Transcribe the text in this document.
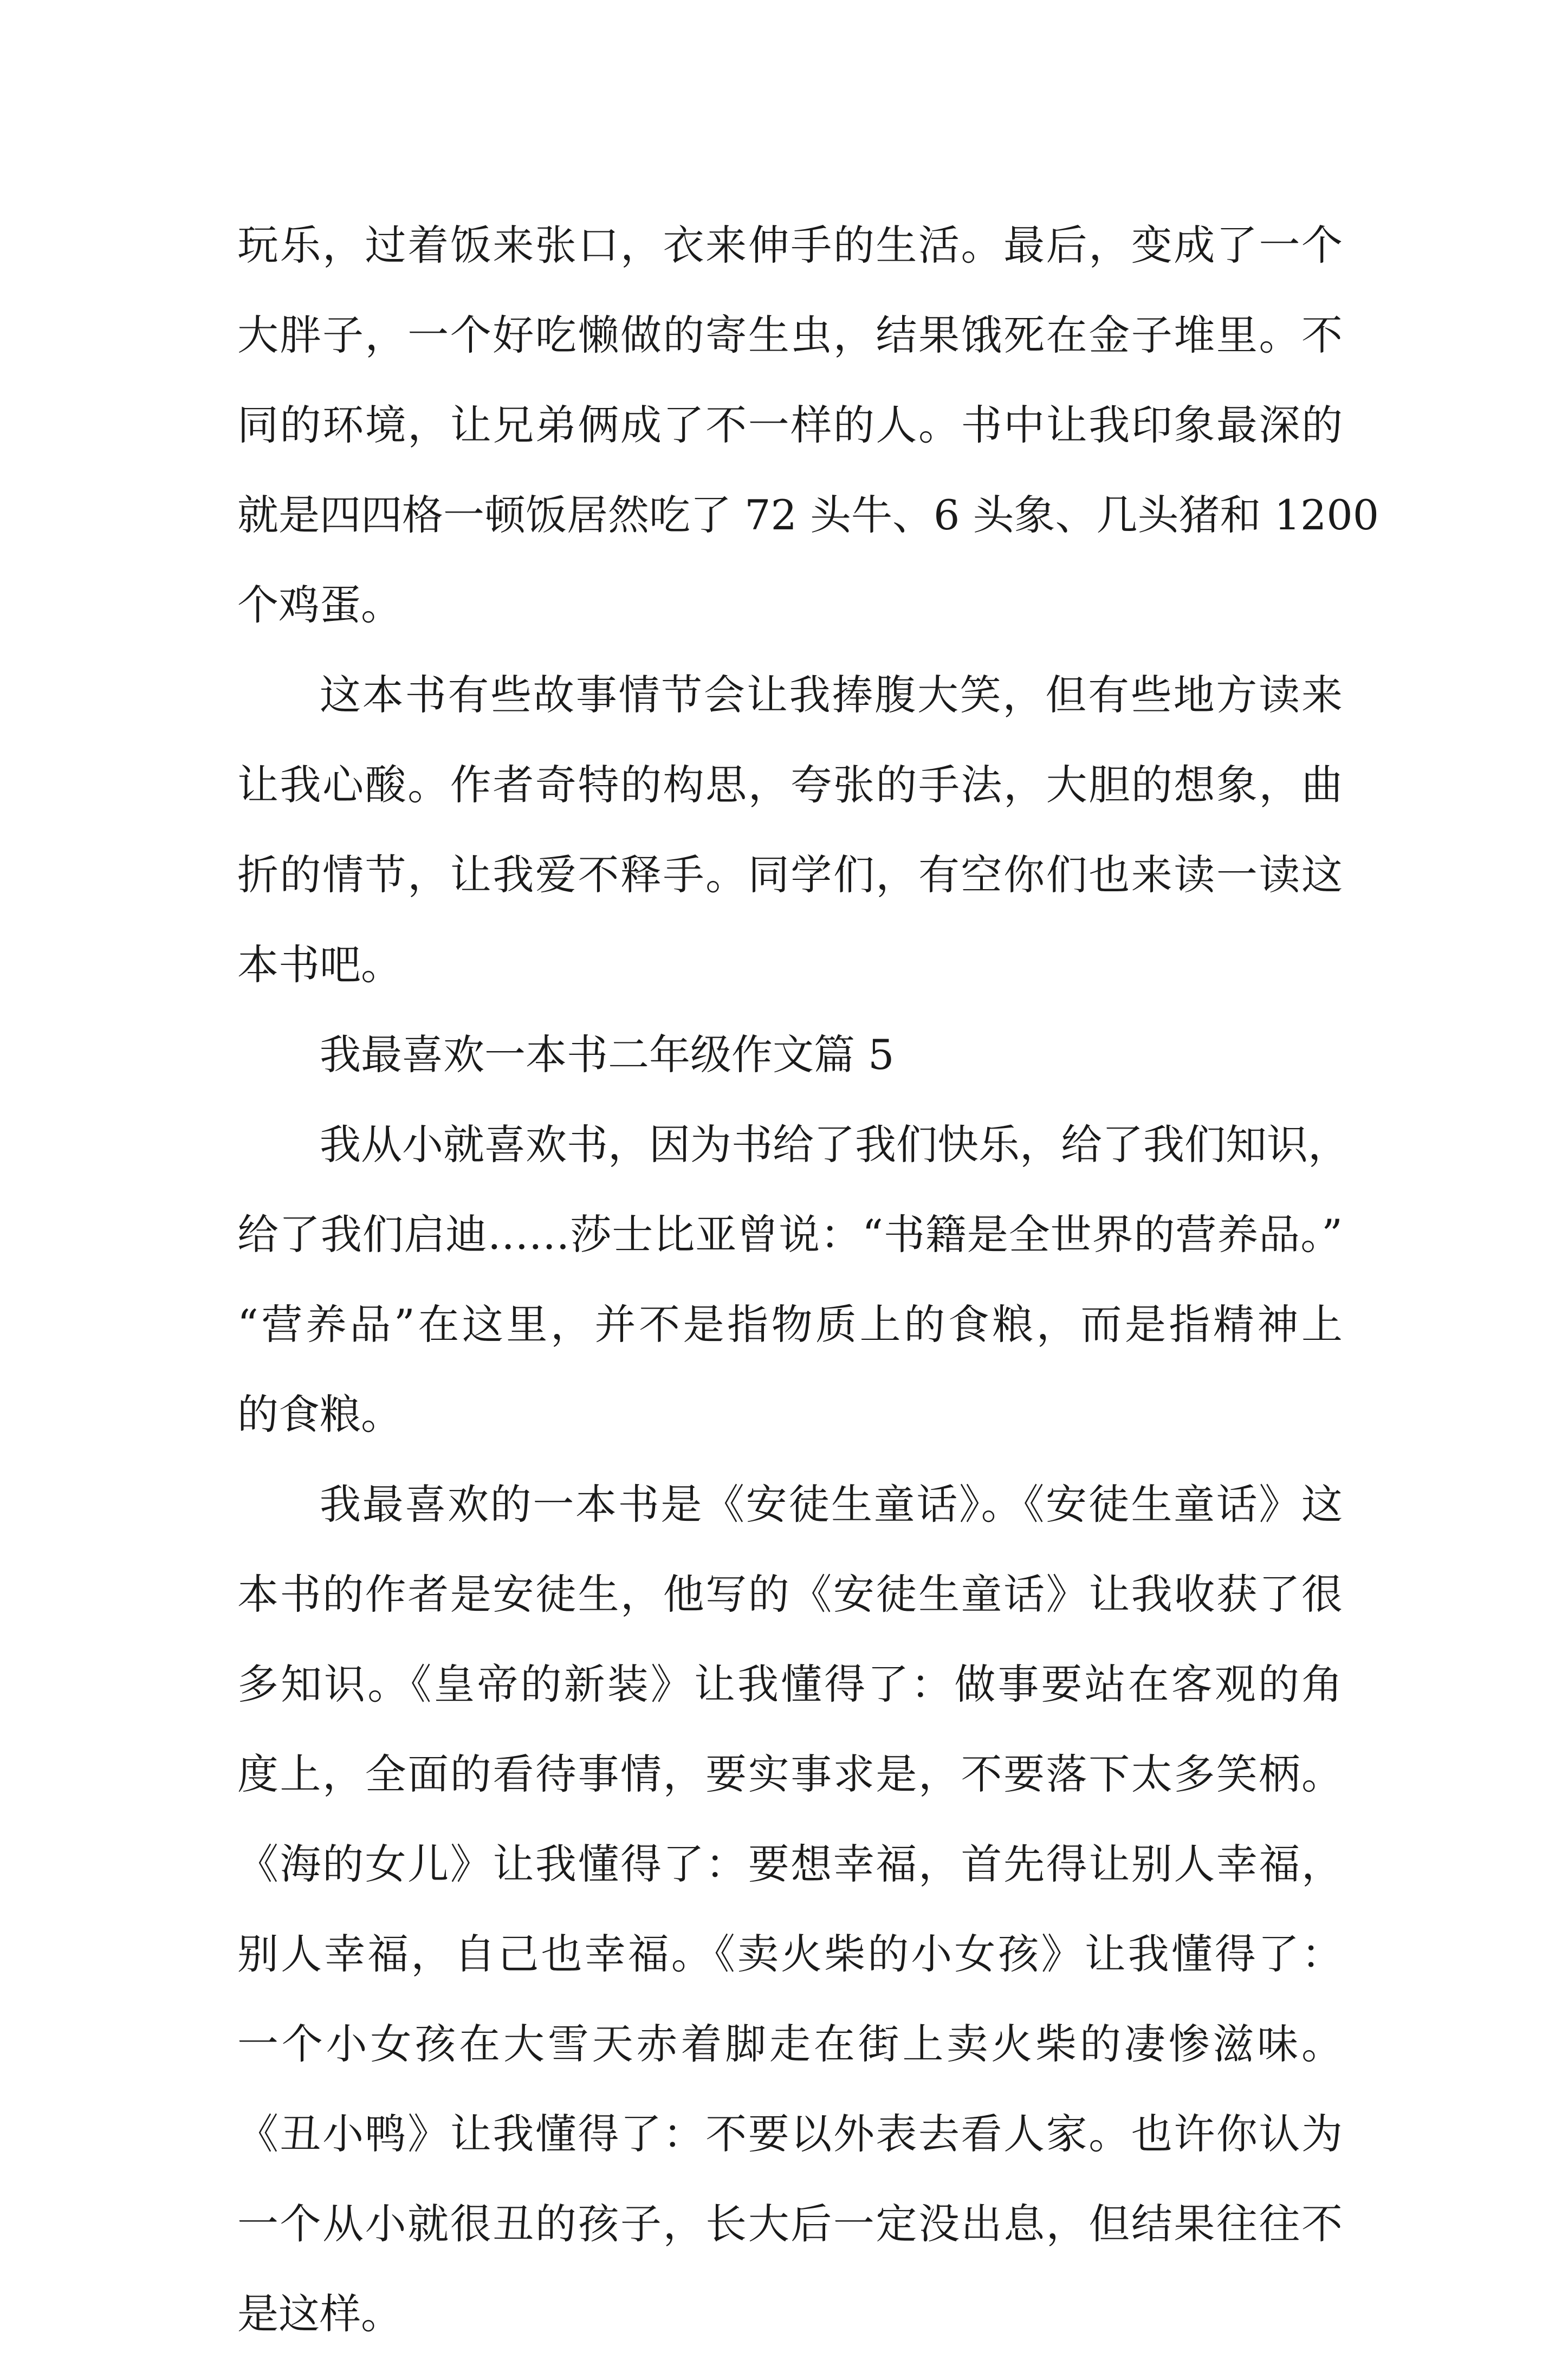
玩乐，过着饭来张口，衣来伸手的生活。最后，变成了一个
大胖子，一个好吃懒做的寄生虫，结果饿死在金子堆里。不
同的环境，让兄弟俩成了不一样的人。书中让我印象最深的
就是四四格一顿饭居然吃了 72 头牛、6 头象、几头猪和 1200
个鸡蛋。
这本书有些故事情节会让我捧腹大笑，但有些地方读来
让我心酸。作者奇特的构思，夸张的手法，大胆的想象，曲
折的情节，让我爱不释手。同学们，有空你们也来读一读这
本书吧。
我最喜欢一本书二年级作文篇 5
我从小就喜欢书，因为书给了我们快乐，给了我们知识，
给了我们启迪……莎士比亚曾说：“书籍是全世界的营养品。”
“营养品”在这里，并不是指物质上的食粮，而是指精神上
的食粮。
我最喜欢的一本书是《安徒生童话》。《安徒生童话》这
本书的作者是安徒生，他写的《安徒生童话》让我收获了很
多知识。《皇帝的新装》让我懂得了：做事要站在客观的角
度上，全面的看待事情，要实事求是，不要落下太多笑柄。
《海的女儿》让我懂得了：要想幸福，首先得让别人幸福，
别人幸福，自己也幸福。《卖火柴的小女孩》让我懂得了：
一个小女孩在大雪天赤着脚走在街上卖火柴的凄惨滋味。
《丑小鸭》让我懂得了：不要以外表去看人家。也许你认为
一个从小就很丑的孩子，长大后一定没出息，但结果往往不
是这样。
